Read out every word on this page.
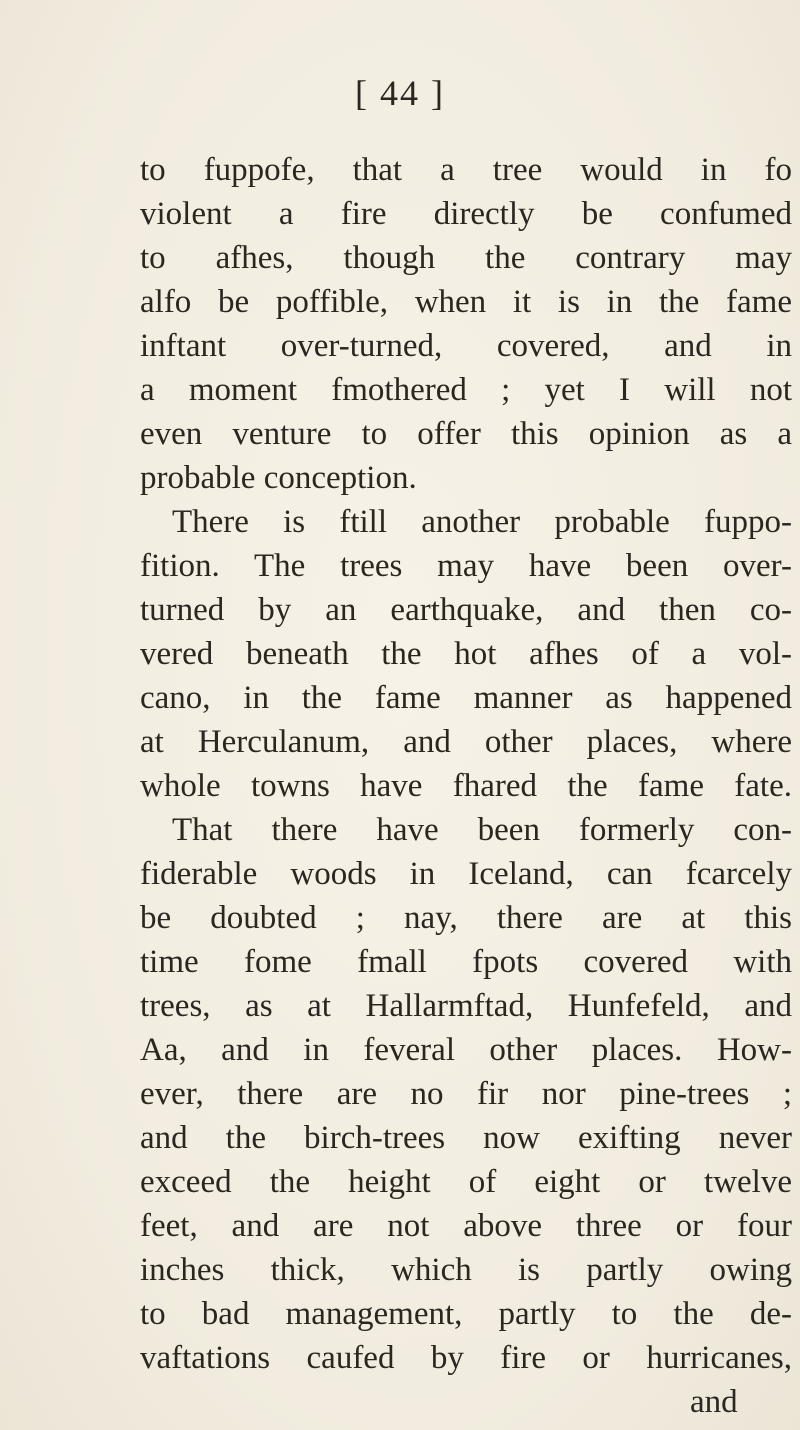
[ 44 ]
to fuppofe, that a tree would in fo
violent a fire directly be confumed
to afhes, though the contrary may
alfo be poffible, when it is in the fame
inftant over-turned, covered, and in
a moment fmothered ; yet I will not
even venture to offer this opinion as a
probable conception.
There is ftill another probable fuppo-
fition. The trees may have been over-
turned by an earthquake, and then co-
vered beneath the hot afhes of a vol-
cano, in the fame manner as happened
at Herculanum, and other places, where
whole towns have fhared the fame fate.
That there have been formerly con-
fiderable woods in Iceland, can fcarcely
be doubted ; nay, there are at this
time fome fmall fpots covered with
trees, as at Hallarmftad, Hunfefeld, and
Aa, and in feveral other places. How-
ever, there are no fir nor pine-trees ;
and the birch-trees now exifting never
exceed the height of eight or twelve
feet, and are not above three or four
inches thick, which is partly owing
to bad management, partly to the de-
vaftations caufed by fire or hurricanes,
and
